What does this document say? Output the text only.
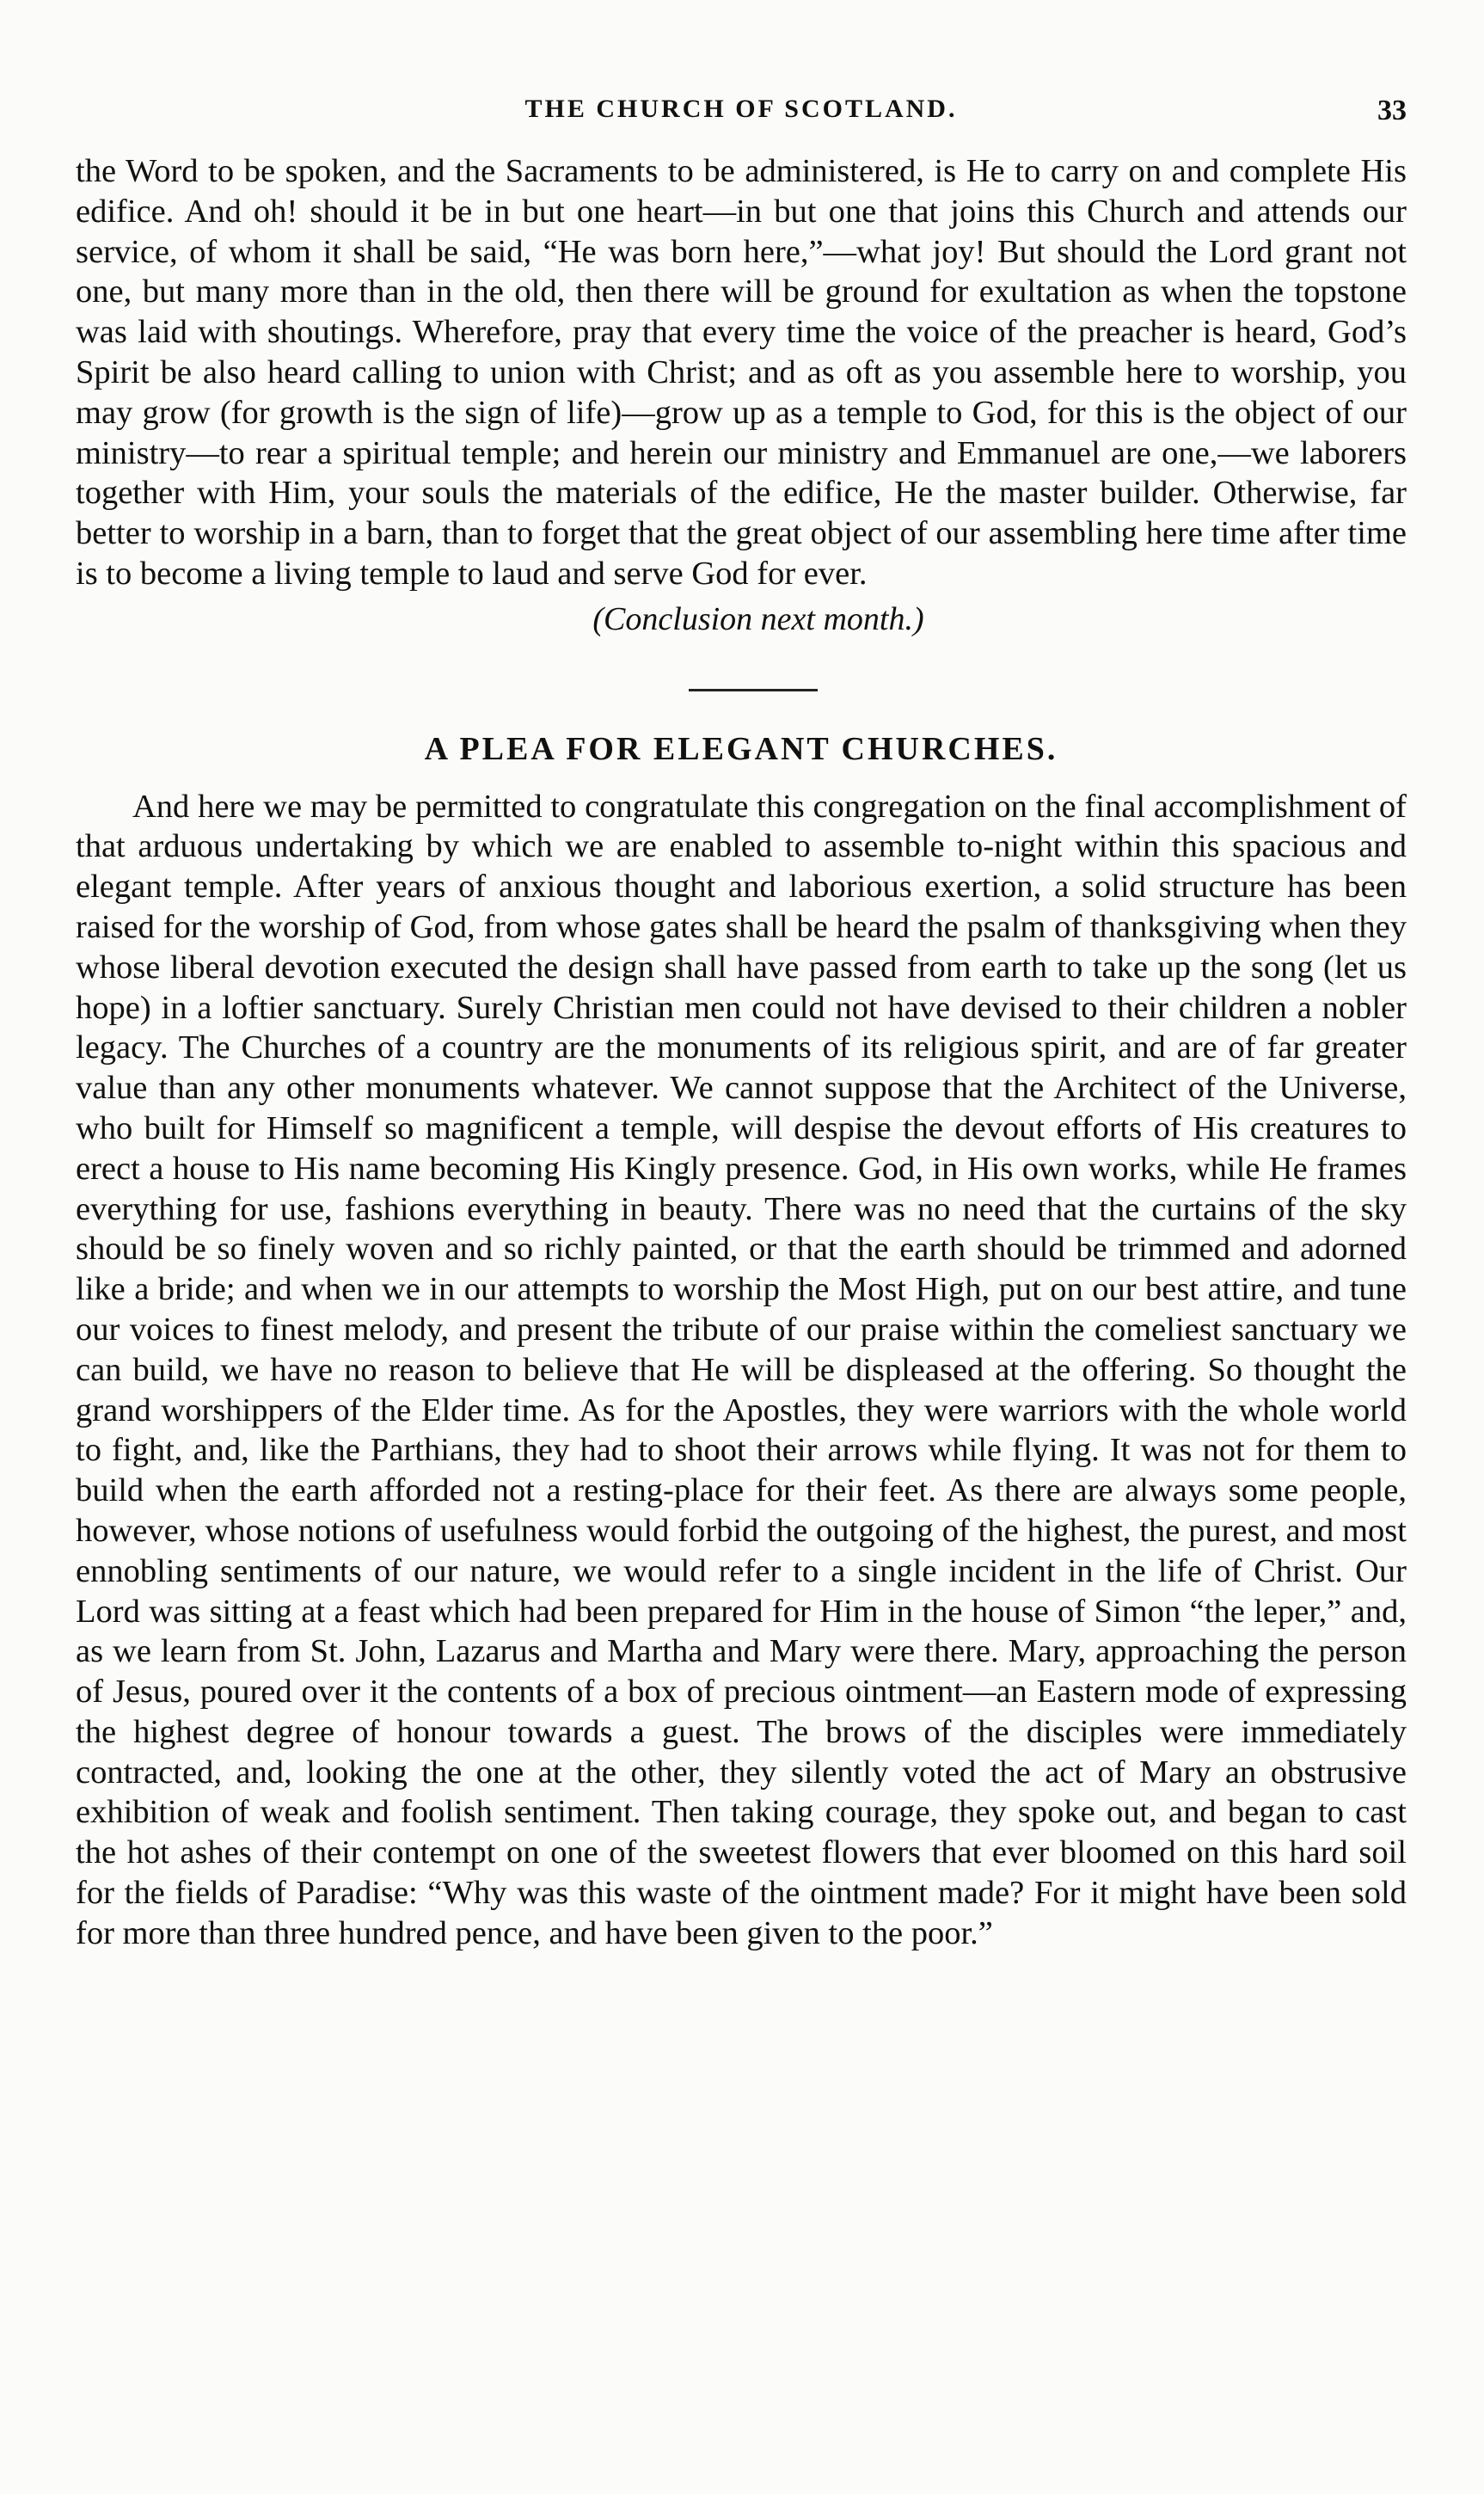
THE CHURCH OF SCOTLAND.	33

the Word to be spoken, and the Sacraments to be administered, is He to carry on and complete His edifice. And oh! should it be in but one heart—in but one that joins this Church and attends our service, of whom it shall be said, “He was born here,”—what joy! But should the Lord grant not one, but many more than in the old, then there will be ground for exultation as when the topstone was laid with shoutings. Wherefore, pray that every time the voice of the preacher is heard, God’s Spirit be also heard calling to union with Christ; and as oft as you assemble here to worship, you may grow (for growth is the sign of life)—grow up as a temple to God, for this is the object of our ministry—to rear a spiritual temple; and herein our ministry and Emmanuel are one,—we laborers together with Him, your souls the materials of the edifice, He the master builder. Otherwise, far better to worship in a barn, than to forget that the great object of our assembling here time after time is to become a living temple to laud and serve God for ever.

(Conclusion next month.)
A PLEA FOR ELEGANT CHURCHES.

And here we may be permitted to congratulate this congregation on the final accomplishment of that arduous undertaking by which we are enabled to assemble to-night within this spacious and elegant temple. After years of anxious thought and laborious exertion, a solid structure has been raised for the worship of God, from whose gates shall be heard the psalm of thanksgiving when they whose liberal devotion executed the design shall have passed from earth to take up the song (let us hope) in a loftier sanctuary. Surely Christian men could not have devised to their children a nobler legacy. The Churches of a country are the monuments of its religious spirit, and are of far greater value than any other monuments whatever. We cannot suppose that the Architect of the Universe, who built for Himself so magnificent a temple, will despise the devout efforts of His creatures to erect a house to His name becoming His Kingly presence. God, in His own works, while He frames everything for use, fashions everything in beauty. There was no need that the curtains of the sky should be so finely woven and so richly painted, or that the earth should be trimmed and adorned like a bride; and when we in our attempts to worship the Most High, put on our best attire, and tune our voices to finest melody, and present the tribute of our praise within the comeliest sanctuary we can build, we have no reason to believe that He will be displeased at the offering. So thought the grand worshippers of the Elder time. As for the Apostles, they were warriors with the whole world to fight, and, like the Parthians, they had to shoot their arrows while flying. It was not for them to build when the earth afforded not a resting-place for their feet. As there are always some people, however, whose notions of usefulness would forbid the outgoing of the highest, the purest, and most ennobling sentiments of our nature, we would refer to a single incident in the life of Christ. Our Lord was sitting at a feast which had been prepared for Him in the house of Simon “the leper,” and, as we learn from St. John, Lazarus and Martha and Mary were there. Mary, approaching the person of Jesus, poured over it the contents of a box of precious ointment—an Eastern mode of expressing the highest degree of honour towards a guest. The brows of the disciples were immediately contracted, and, looking the one at the other, they silently voted the act of Mary an obstrusive exhibition of weak and foolish sentiment. Then taking courage, they spoke out, and began to cast the hot ashes of their contempt on one of the sweetest flowers that ever bloomed on this hard soil for the fields of Paradise: “Why was this waste of the ointment made? For it might have been sold for more than three hundred pence, and have been given to the poor.”
